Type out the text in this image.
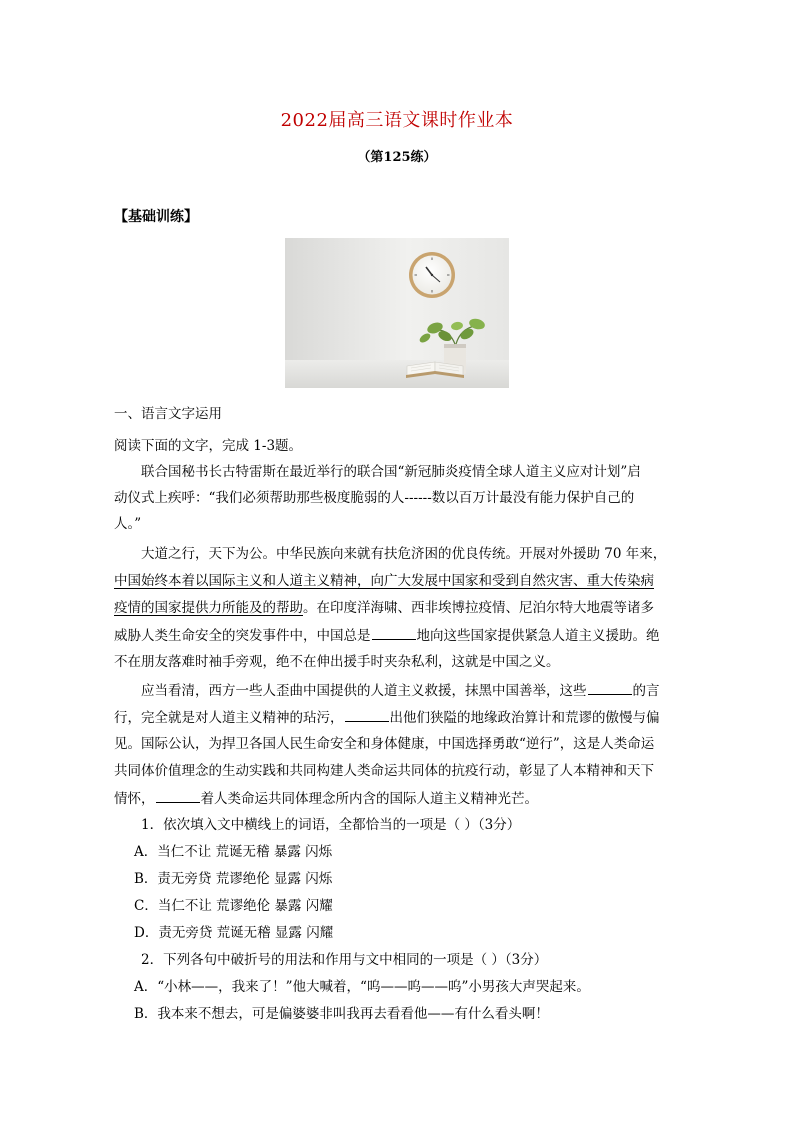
2022届高三语文课时作业本
（第125练）
【基础训练】
一、语言文字运用
阅读下面的文字，完成 1-3题。
联合国秘书长古特雷斯在最近举行的联合国“新冠肺炎疫情全球人道主义应对计划”启
动仪式上疾呼：“我们必须帮助那些极度脆弱的人------数以百万计最没有能力保护自己的
人。”
大道之行，天下为公。中华民族向来就有扶危济困的优良传统。开展对外援助 70 年来，
中国始终本着以国际主义和人道主义精神，向广大发展中国家和受到自然灾害、重大传染病
疫情的国家提供力所能及的帮助。在印度洋海啸、西非埃博拉疫情、尼泊尔特大地震等诸多
威胁人类生命安全的突发事件中，中国总是	地向这些国家提供紧急人道主义援助。绝
不在朋友落难时袖手旁观，绝不在伸出援手时夹杂私利，这就是中国之义。
应当看清，西方一些人歪曲中国提供的人道主义救援，抹黑中国善举，这些	的言
行，完全就是对人道主义精神的玷污，	出他们狭隘的地缘政治算计和荒谬的傲慢与偏
见。国际公认，为捍卫各国人民生命安全和身体健康，中国选择勇敢“逆行”，这是人类命运
共同体价值理念的生动实践和共同构建人类命运共同体的抗疫行动，彰显了人本精神和天下
情怀，	着人类命运共同体理念所内含的国际人道主义精神光芒。
1．依次填入文中横线上的词语，全都恰当的一项是（ ）（3分）
A．当仁不让 荒诞无稽 暴露 闪烁
B．责无旁贷 荒谬绝伦 显露 闪烁
C．当仁不让 荒谬绝伦 暴露 闪耀
D．责无旁贷 荒诞无稽 显露 闪耀
2．下列各句中破折号的用法和作用与文中相同的一项是（ ）（3分）
A．“小林——，我来了！”他大喊着，“呜——呜——呜”小男孩大声哭起来。
B．我本来不想去，可是偏婆婆非叫我再去看看他——有什么看头啊！
